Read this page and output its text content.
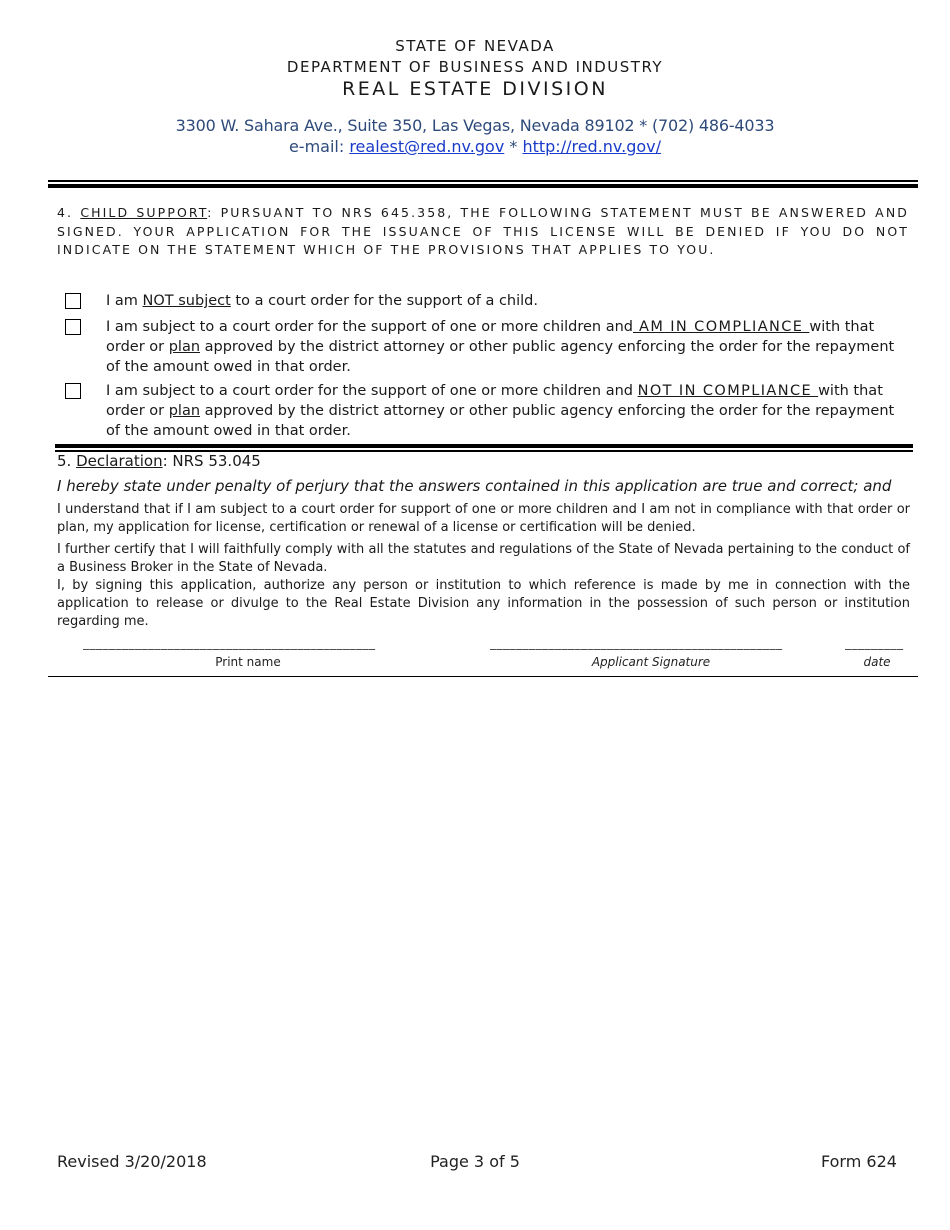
STATE OF NEVADA
DEPARTMENT OF BUSINESS AND INDUSTRY
REAL ESTATE DIVISION
3300 W. Sahara Ave., Suite 350, Las Vegas, Nevada 89102 * (702) 486-4033
e-mail: realest@red.nv.gov * http://red.nv.gov/
4. CHILD SUPPORT: PURSUANT TO NRS 645.358, THE FOLLOWING STATEMENT MUST BE ANSWERED AND SIGNED. YOUR APPLICATION FOR THE ISSUANCE OF THIS LICENSE WILL BE DENIED IF YOU DO NOT INDICATE ON THE STATEMENT WHICH OF THE PROVISIONS THAT APPLIES TO YOU.
I am NOT subject to a court order for the support of a child.
I am subject to a court order for the support of one or more children and AM IN COMPLIANCE with that order or plan approved by the district attorney or other public agency enforcing the order for the repayment of the amount owed in that order.
I am subject to a court order for the support of one or more children and NOT IN COMPLIANCE with that order or plan approved by the district attorney or other public agency enforcing the order for the repayment of the amount owed in that order.
5. Declaration: NRS 53.045
I hereby state under penalty of perjury that the answers contained in this application are true and correct; and
I understand that if I am subject to a court order for support of one or more children and I am not in compliance with that order or plan, my application for license, certification or renewal of a license or certification will be denied.
I further certify that I will faithfully comply with all the statutes and regulations of the State of Nevada pertaining to the conduct of a Business Broker in the State of Nevada.
I, by signing this application, authorize any person or institution to which reference is made by me in connection with the application to release or divulge to the Real Estate Division any information in the possession of such person or institution regarding me.
_____________________________________________
Print name
_____________________________________________
Applicant Signature
_________
date
Revised 3/20/2018	Page 3 of 5	Form 624
